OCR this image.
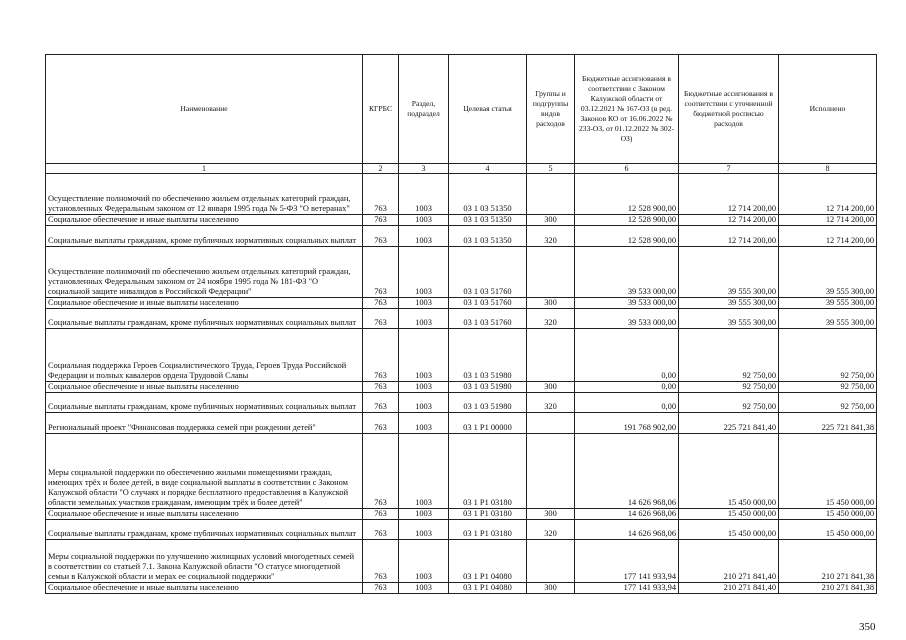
Наименование	КГРБС	Раздел, подраздел	Целевая статья	Группы и подгруппы видов расходов	Бюджетные ассигнования в соответствии с Законом Калужской области от 03.12.2021 № 167-ОЗ (в ред. Законов КО от 16.06.2022 № 233-ОЗ, от 01.12.2022 № 302-ОЗ)	Бюджетные ассигнования в соответствии с уточненной бюджетной росписью расходов	Исполнено
1	2	3	4	5	6	7	8
Осуществление полномочий по обеспечению жильем отдельных категорий граждан, установленных Федеральным законом от 12 января 1995 года № 5-ФЗ "О ветеранах"	763	1003	03 1 03 51350		12 528 900,00	12 714 200,00	12 714 200,00
Социальное обеспечение и иные выплаты населению	763	1003	03 1 03 51350	300	12 528 900,00	12 714 200,00	12 714 200,00
Социальные выплаты гражданам, кроме публичных нормативных социальных выплат	763	1003	03 1 03 51350	320	12 528 900,00	12 714 200,00	12 714 200,00
Осуществление полномочий по обеспечению жильем отдельных категорий граждан, установленных Федеральным законом от 24 ноября 1995 года № 181-ФЗ "О социальной защите инвалидов в Российской Федерации"	763	1003	03 1 03 51760		39 533 000,00	39 555 300,00	39 555 300,00
Социальное обеспечение и иные выплаты населению	763	1003	03 1 03 51760	300	39 533 000,00	39 555 300,00	39 555 300,00
Социальные выплаты гражданам, кроме публичных нормативных социальных выплат	763	1003	03 1 03 51760	320	39 533 000,00	39 555 300,00	39 555 300,00
Социальная поддержка Героев Социалистического Труда, Героев Труда Российской Федерации и полных кавалеров ордена Трудовой Славы	763	1003	03 1 03 51980		0,00	92 750,00	92 750,00
Социальное обеспечение и иные выплаты населению	763	1003	03 1 03 51980	300	0,00	92 750,00	92 750,00
Социальные выплаты гражданам, кроме публичных нормативных социальных выплат	763	1003	03 1 03 51980	320	0,00	92 750,00	92 750,00
Региональный проект "Финансовая поддержка семей при рождении детей"	763	1003	03 1 P1 00000		191 768 902,00	225 721 841,40	225 721 841,38
Меры социальной поддержки по обеспечению жилыми помещениями граждан, имеющих трёх и более детей, в виде социальной выплаты в соответствии с Законом Калужской области "О случаях и порядке бесплатного предоставления в Калужской области земельных участков гражданам, имеющим трёх и более детей"	763	1003	03 1 P1 03180		14 626 968,06	15 450 000,00	15 450 000,00
Социальное обеспечение и иные выплаты населению	763	1003	03 1 P1 03180	300	14 626 968,06	15 450 000,00	15 450 000,00
Социальные выплаты гражданам, кроме публичных нормативных социальных выплат	763	1003	03 1 P1 03180	320	14 626 968,06	15 450 000,00	15 450 000,00
Меры социальной поддержки по улучшению жилищных условий многодетных семей в соответствии со статьей 7.1. Закона Калужской области "О статусе многодетной семьи в Калужской области и мерах ее социальной поддержки"	763	1003	03 1 P1 04080		177 141 933,94	210 271 841,40	210 271 841,38
Социальное обеспечение и иные выплаты населению	763	1003	03 1 P1 04080	300	177 141 933,94	210 271 841,40	210 271 841,38
350
